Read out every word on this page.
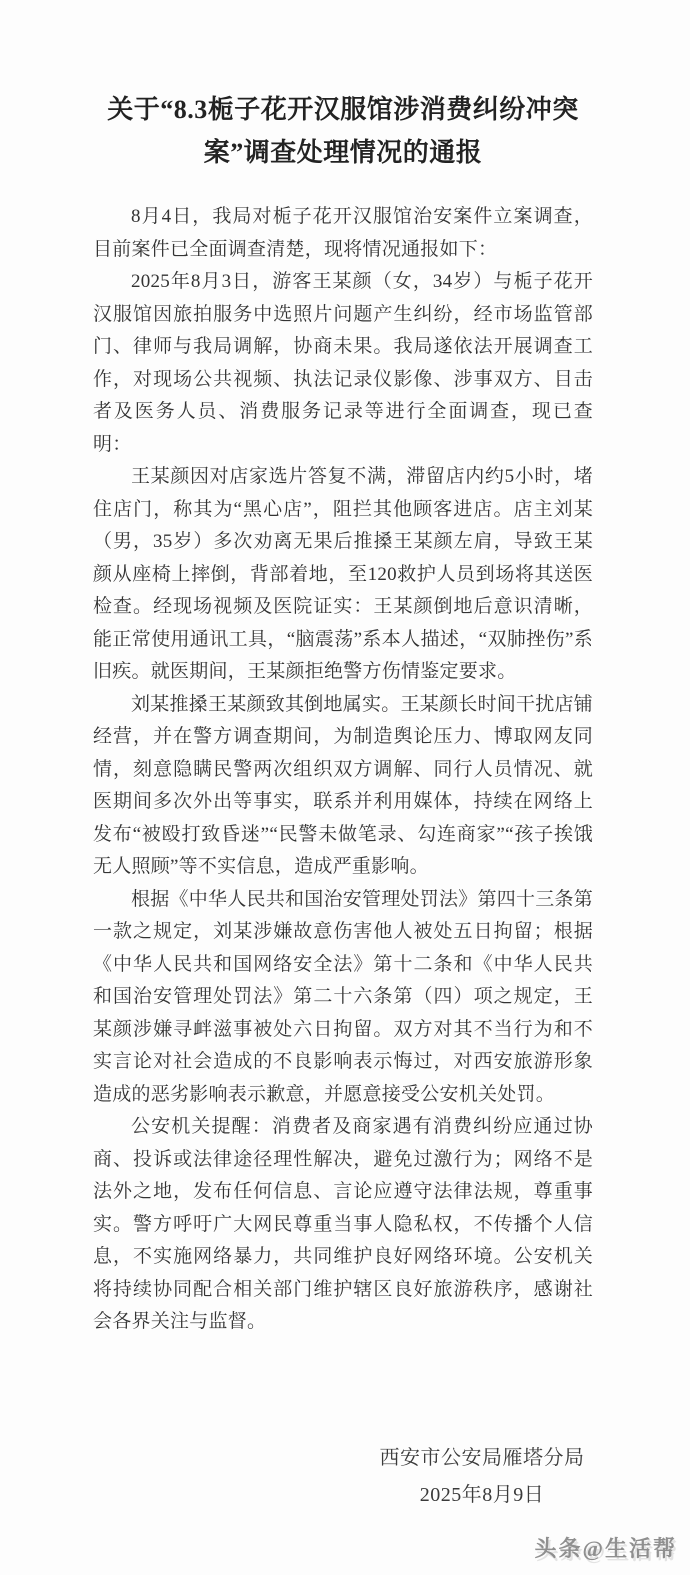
关于“8.3栀子花开汉服馆涉消费纠纷冲突
案”调查处理情况的通报

8月4日，我局对栀子花开汉服馆治安案件立案调查，目前案件已全面调查清楚，现将情况通报如下：

2025年8月3日，游客王某颜（女，34岁）与栀子花开汉服馆因旅拍服务中选照片问题产生纠纷，经市场监管部门、律师与我局调解，协商未果。我局遂依法开展调查工作，对现场公共视频、执法记录仪影像、涉事双方、目击者及医务人员、消费服务记录等进行全面调查，现已查明：

王某颜因对店家选片答复不满，滞留店内约5小时，堵住店门，称其为“黑心店”，阻拦其他顾客进店。店主刘某（男，35岁）多次劝离无果后推搡王某颜左肩，导致王某颜从座椅上摔倒，背部着地，至120救护人员到场将其送医检查。经现场视频及医院证实：王某颜倒地后意识清晰，能正常使用通讯工具，“脑震荡”系本人描述，“双肺挫伤”系旧疾。就医期间，王某颜拒绝警方伤情鉴定要求。

刘某推搡王某颜致其倒地属实。王某颜长时间干扰店铺经营，并在警方调查期间，为制造舆论压力、博取网友同情，刻意隐瞒民警两次组织双方调解、同行人员情况、就医期间多次外出等事实，联系并利用媒体，持续在网络上发布“被殴打致昏迷”“民警未做笔录、勾连商家”“孩子挨饿无人照顾”等不实信息，造成严重影响。

根据《中华人民共和国治安管理处罚法》第四十三条第一款之规定，刘某涉嫌故意伤害他人被处五日拘留；根据《中华人民共和国网络安全法》第十二条和《中华人民共和国治安管理处罚法》第二十六条第（四）项之规定，王某颜涉嫌寻衅滋事被处六日拘留。双方对其不当行为和不实言论对社会造成的不良影响表示悔过，对西安旅游形象造成的恶劣影响表示歉意，并愿意接受公安机关处罚。

公安机关提醒：消费者及商家遇有消费纠纷应通过协商、投诉或法律途径理性解决，避免过激行为；网络不是法外之地，发布任何信息、言论应遵守法律法规，尊重事实。警方呼吁广大网民尊重当事人隐私权，不传播个人信息，不实施网络暴力，共同维护良好网络环境。公安机关将持续协同配合相关部门维护辖区良好旅游秩序，感谢社会各界关注与监督。

西安市公安局雁塔分局
2025年8月9日
头条@生活帮
